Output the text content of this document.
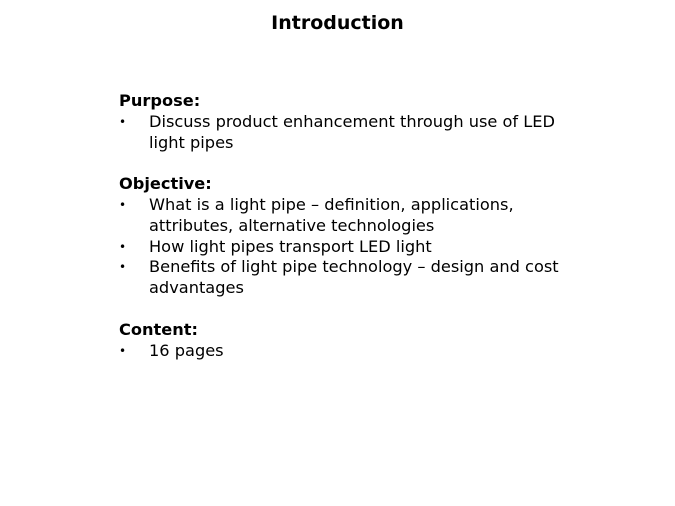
Introduction

Purpose:

• Discuss product enhancement through use of LED light pipes

Objective:

• What is a light pipe – definition, applications, attributes, alternative technologies
• How light pipes transport LED light
• Benefits of light pipe technology – design and cost advantages

Content:

• 16 pages
